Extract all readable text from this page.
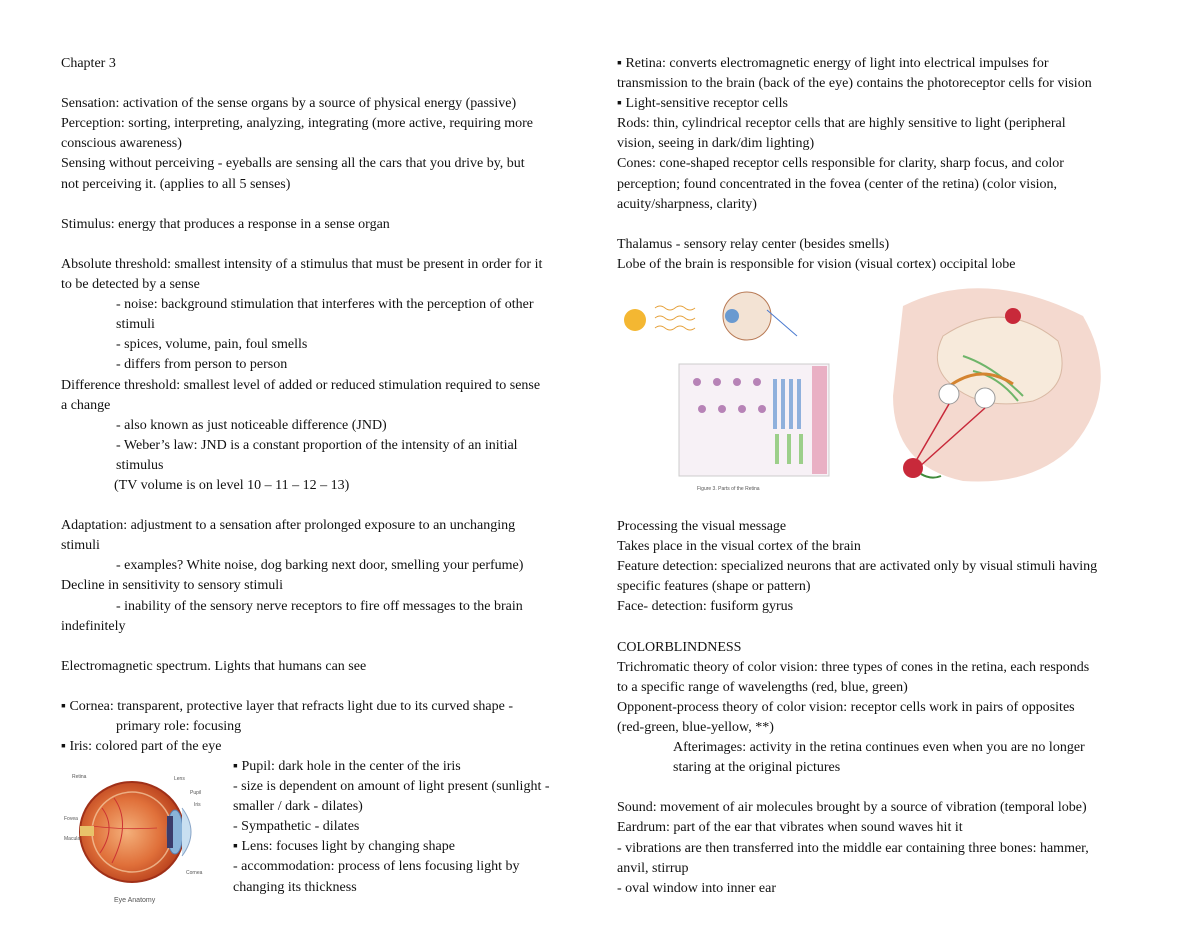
Chapter 3

Sensation: activation of the sense organs by a source of physical energy (passive)

Perception: sorting, interpreting, analyzing, integrating (more active, requiring more

conscious awareness)

Sensing without perceiving - eyeballs are sensing all the cars that you drive by, but

not perceiving it. (applies to all 5 senses)

Stimulus: energy that produces a response in a sense organ

Absolute threshold: smallest intensity of a stimulus that must be present in order for it

to be detected by a sense

- noise: background stimulation that interferes with the perception of other

stimuli

- spices, volume, pain, foul smells

- differs from person to person

Difference threshold: smallest level of added or reduced stimulation required to sense

a change

- also known as just noticeable difference (JND)

- Weber’s law: JND is a constant proportion of the intensity of an initial

stimulus

(TV volume is on level 10 – 11 – 12 – 13)

Adaptation: adjustment to a sensation after prolonged exposure to an unchanging

stimuli

- examples? White noise, dog barking next door, smelling your perfume)

Decline in sensitivity to sensory stimuli

- inability of the sensory nerve receptors to fire off messages to the brain

indefinitely

Electromagnetic spectrum. Lights that humans can see

▪ Cornea: transparent, protective layer that refracts light due to its curved shape -

primary role: focusing

▪ Iris: colored part of the eye

▪ Pupil: dark hole in the center of the iris

- size is dependent on amount of light present (sunlight -

smaller / dark - dilates)

- Sympathetic - dilates

▪ Lens: focuses light by changing shape

- accommodation: process of lens focusing light by

changing its thickness

Retina	Lens
Pupil
Iris
Fovea
Macula
Cornea
Eye Anatomy

▪ Retina: converts electromagnetic energy of light into electrical impulses for

transmission to the brain (back of the eye) contains the photoreceptor cells for vision

▪ Light-sensitive receptor cells

Rods: thin, cylindrical receptor cells that are highly sensitive to light (peripheral

vision, seeing in dark/dim lighting)

Cones: cone-shaped receptor cells responsible for clarity, sharp focus, and color

perception; found concentrated in the fovea (center of the retina) (color vision,

acuity/sharpness, clarity)

Thalamus - sensory relay center (besides smells)

Lobe of the brain is responsible for vision (visual cortex) occipital lobe

Processing the visual message

Takes place in the visual cortex of the brain

Feature detection: specialized neurons that are activated only by visual stimuli having

specific features (shape or pattern)

Face- detection: fusiform gyrus

COLORBLINDNESS

Trichromatic theory of color vision: three types of cones in the retina, each responds

to a specific range of wavelengths (red, blue, green)

Opponent-process theory of color vision: receptor cells work in pairs of opposites

(red-green, blue-yellow, **)

Afterimages: activity in the retina continues even when you are no longer

staring at the original pictures

Sound: movement of air molecules brought by a source of vibration (temporal lobe)

Eardrum: part of the ear that vibrates when sound waves hit it

- vibrations are then transferred into the middle ear containing three bones: hammer,

anvil, stirrup

- oval window into inner ear

Figure 3. Parts of the Retina
